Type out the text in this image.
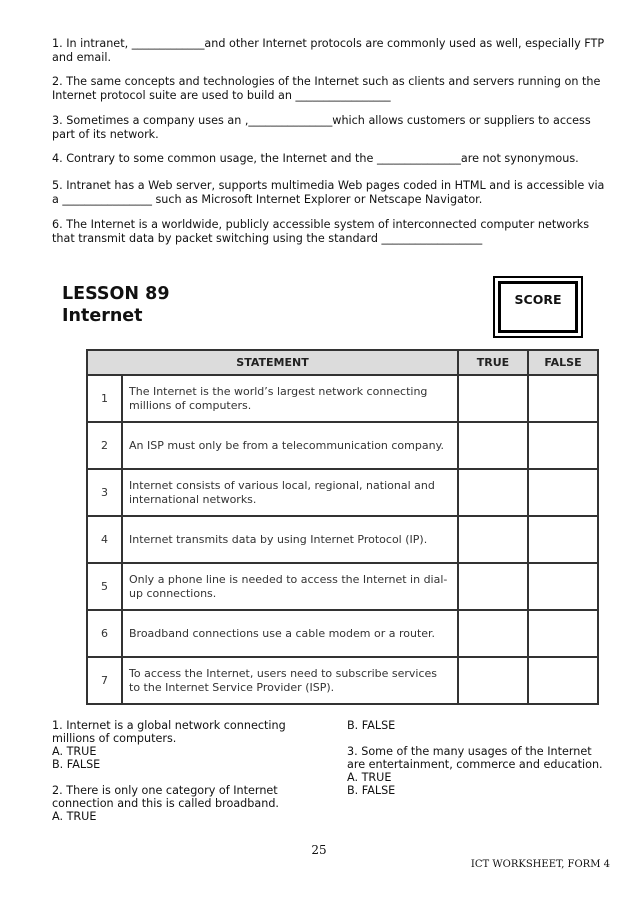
1. In intranet, _____________and other Internet protocols are commonly used as well, especially FTP and email.
2. The same concepts and technologies of the Internet such as clients and servers running on the Internet protocol suite are used to build an _________________
3. Sometimes a company uses an ,_______________which allows customers or suppliers to access part of its network.
4. Contrary to some common usage, the Internet and the _______________are not synonymous.
5. Intranet has a Web server, supports multimedia Web pages coded in HTML and is accessible via a ________________ such as Microsoft Internet Explorer or Netscape Navigator.
6. The Internet is a worldwide, publicly accessible system of interconnected computer networks that transmit data by packet switching using the standard __________________
LESSON 89
Internet
SCORE
STATEMENT		TRUE	FALSE
1	The Internet is the world’s largest network connecting millions of computers.		
2	An ISP must only be from a telecommunication company.		
3	Internet consists of various local, regional, national and international networks.		
4	Internet transmits data by using Internet Protocol (IP).		
5	Only a phone line is needed to access the Internet in dial-up connections.		
6	Broadband connections use a cable modem or a router.		
7	To access the Internet, users need to subscribe services to the Internet Service Provider (ISP).		
1. Internet is a global network connecting
millions of computers.
A. TRUE
B. FALSE

2. There is only one category of Internet
connection and this is called broadband.
A. TRUE
B. FALSE

3. Some of the many usages of the Internet
are entertainment, commerce and education.
A. TRUE
B. FALSE
25
ICT WORKSHEET, FORM 4
